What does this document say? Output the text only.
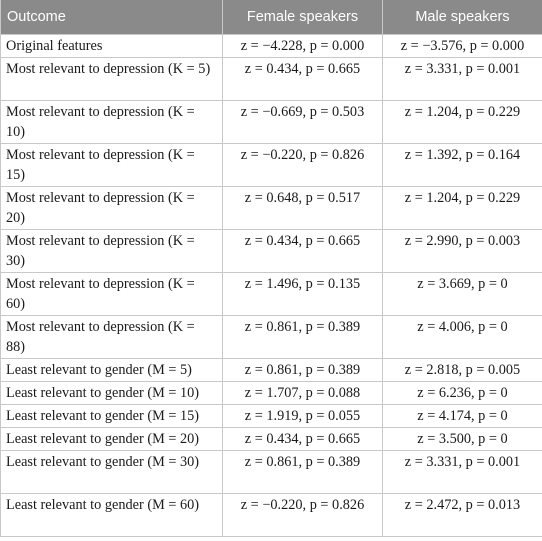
Outcome	Female speakers	Male speakers
Original features	z = −4.228, p = 0.000	z = −3.576, p = 0.000
Most relevant to depression (K = 5)	z = 0.434, p = 0.665	z = 3.331, p = 0.001
Most relevant to depression (K = 10)	z = −0.669, p = 0.503	z = 1.204, p = 0.229
Most relevant to depression (K = 15)	z = −0.220, p = 0.826	z = 1.392, p = 0.164
Most relevant to depression (K = 20)	z = 0.648, p = 0.517	z = 1.204, p = 0.229
Most relevant to depression (K = 30)	z = 0.434, p = 0.665	z = 2.990, p = 0.003
Most relevant to depression (K = 60)	z = 1.496, p = 0.135	z = 3.669, p = 0
Most relevant to depression (K = 88)	z = 0.861, p = 0.389	z = 4.006, p = 0
Least relevant to gender (M = 5)	z = 0.861, p = 0.389	z = 2.818, p = 0.005
Least relevant to gender (M = 10)	z = 1.707, p = 0.088	z = 6.236, p = 0
Least relevant to gender (M = 15)	z = 1.919, p = 0.055	z = 4.174, p = 0
Least relevant to gender (M = 20)	z = 0.434, p = 0.665	z = 3.500, p = 0
Least relevant to gender (M = 30)	z = 0.861, p = 0.389	z = 3.331, p = 0.001
Least relevant to gender (M = 60)	z = −0.220, p = 0.826	z = 2.472, p = 0.013
